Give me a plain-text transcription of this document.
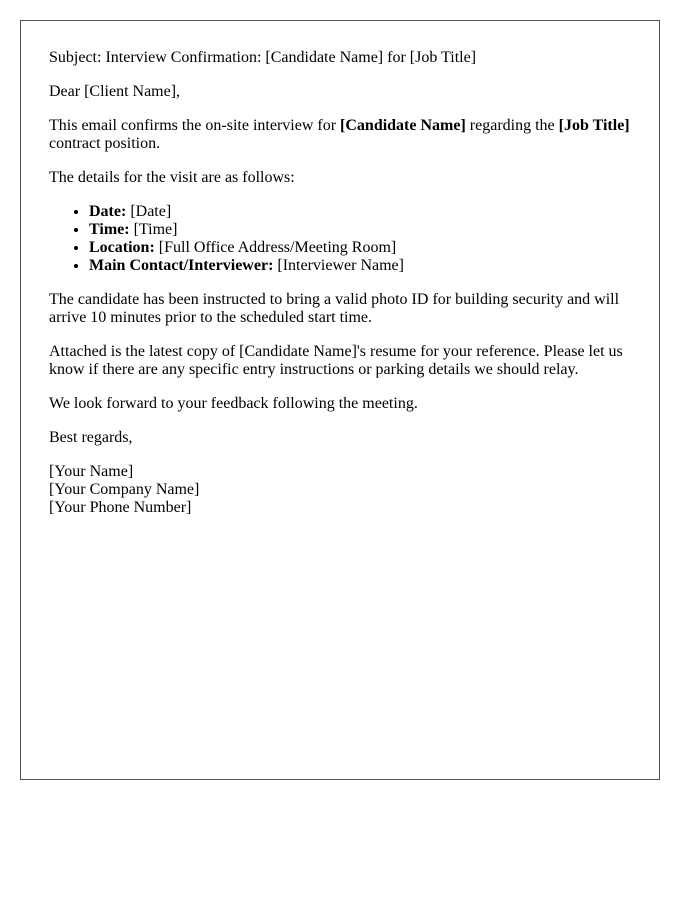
Subject: Interview Confirmation: [Candidate Name] for [Job Title]

Dear [Client Name],

This email confirms the on-site interview for [Candidate Name] regarding the [Job Title] contract position.

The details for the visit are as follows:

• Date: [Date]
• Time: [Time]
• Location: [Full Office Address/Meeting Room]
• Main Contact/Interviewer: [Interviewer Name]

The candidate has been instructed to bring a valid photo ID for building security and will arrive 10 minutes prior to the scheduled start time.

Attached is the latest copy of [Candidate Name]'s resume for your reference. Please let us know if there are any specific entry instructions or parking details we should relay.

We look forward to your feedback following the meeting.

Best regards,

[Your Name]
[Your Company Name]
[Your Phone Number]
